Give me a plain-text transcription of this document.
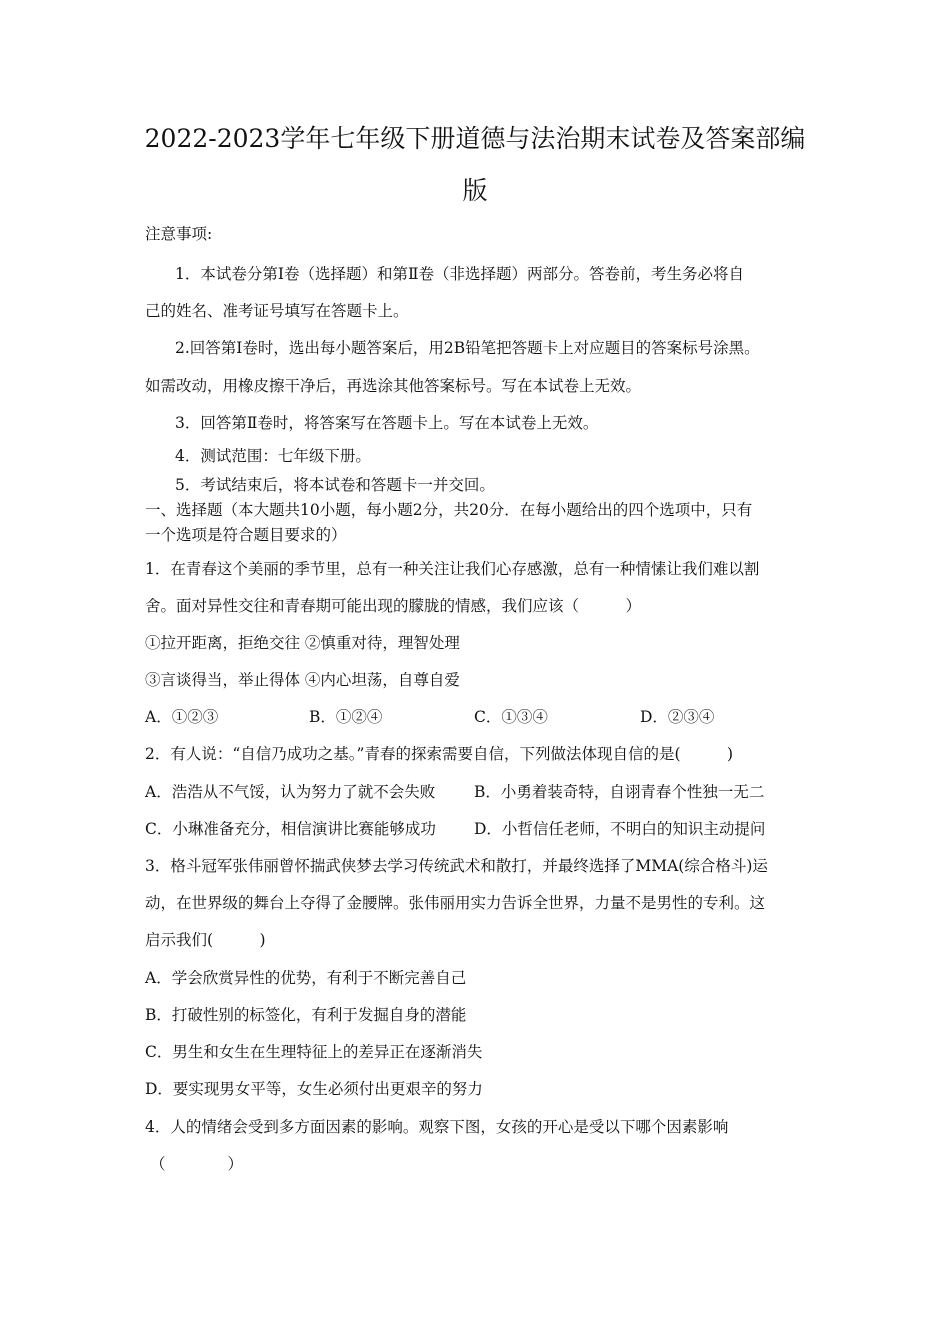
2022-2023学年七年级下册道德与法治期末试卷及答案部编
版
注意事项:
1．本试卷分第Ⅰ卷（选择题）和第Ⅱ卷（非选择题）两部分。答卷前，考生务必将自
己的姓名、准考证号填写在答题卡上。
2.回答第Ⅰ卷时，选出每小题答案后，用2B铅笔把答题卡上对应题目的答案标号涂黑。
如需改动，用橡皮擦干净后，再选涂其他答案标号。写在本试卷上无效。
3．回答第Ⅱ卷时，将答案写在答题卡上。写在本试卷上无效。
4．测试范围：七年级下册。
5．考试结束后，将本试卷和答题卡一并交回。
一、选择题（本大题共10小题，每小题2分，共20分．在每小题给出的四个选项中，只有
一个选项是符合题目要求的）
1．在青春这个美丽的季节里，总有一种关注让我们心存感激，总有一种情愫让我们难以割
舍。面对异性交往和青春期可能出现的朦胧的情感，我们应该（　　　）
①拉开距离，拒绝交往 ②慎重对待，理智处理
③言谈得当，举止得体 ④内心坦荡，自尊自爱
A．①②③	B．①②④	C．①③④	D．②③④
2．有人说：“自信乃成功之基。”青春的探索需要自信，下列做法体现自信的是(　　　)
A．浩浩从不气馁，认为努力了就不会失败	B．小勇着装奇特，自诩青春个性独一无二
C．小琳准备充分，相信演讲比赛能够成功 D．小哲信任老师，不明白的知识主动提问
3．格斗冠军张伟丽曾怀揣武侠梦去学习传统武术和散打，并最终选择了MMA(综合格斗)运
动，在世界级的舞台上夺得了金腰牌。张伟丽用实力告诉全世界，力量不是男性的专利。这
启示我们(　　　)
A．学会欣赏异性的优势，有利于不断完善自己
B．打破性别的标签化，有利于发掘自身的潜能
C．男生和女生在生理特征上的差异正在逐渐消失
D．要实现男女平等，女生必须付出更艰辛的努力
4．人的情绪会受到多方面因素的影响。观察下图，女孩的开心是受以下哪个因素影响
（　　　　）
